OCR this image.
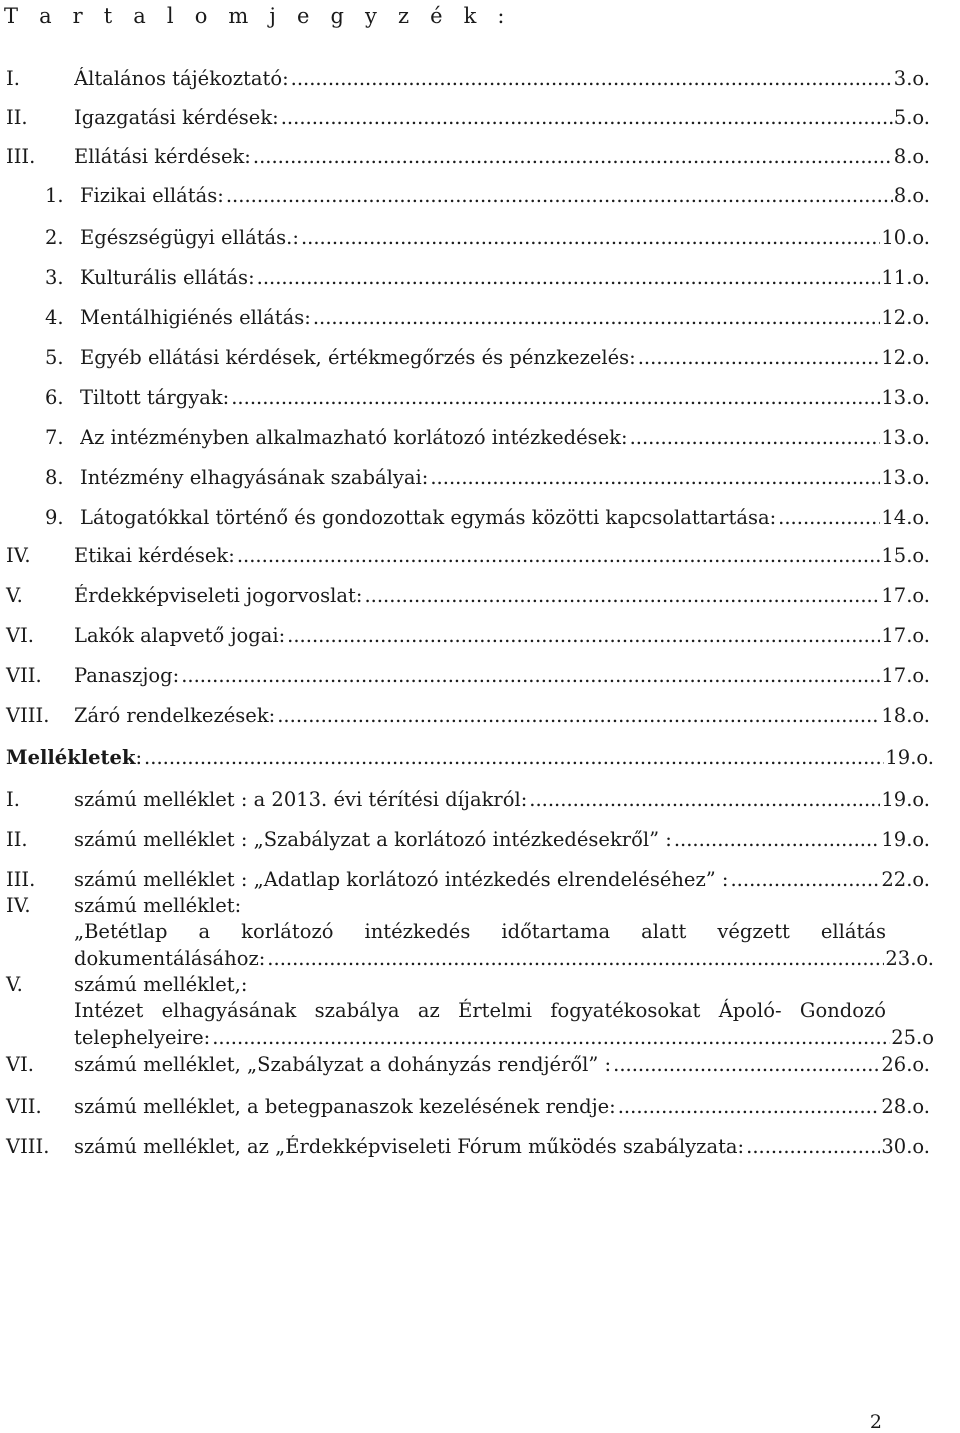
T a r t a l o m j e g y z é k :
I.	Általános tájékoztató: .....	3.o.
II. Igazgatási kérdések: .....	5.o.
III. Ellátási kérdések: .....	8.o.
1. Fizikai ellátás: .....	8.o.
2. Egészségügyi ellátás.: .....	10.o.
3. Kulturális ellátás: .....	11.o.
4. Mentálhigiénés ellátás: .....	12.o.
5. Egyéb ellátási kérdések, értékmegőrzés és pénzkezelés: .....	12.o.
6. Tiltott tárgyak: .....	13.o.
7. Az intézményben alkalmazható korlátozó intézkedések: .....	13.o.
8. Intézmény elhagyásának szabályai: .....	13.o.
9. Látogatókkal történő és gondozottak egymás közötti kapcsolattartása: .....	14.o.
IV. Etikai kérdések: .....	15.o.
V.	Érdekképviseleti jogorvoslat: .....	17.o.
VI. Lakók alapvető jogai: .....	17.o.
VII. Panaszjog: .....	17.o.
VIII. Záró rendelkezések: .....	18.o.
Mellékletek : .....	19.o.
I.	számú melléklet : a 2013. évi térítési díjakról: .....	19.o.
II. számú melléklet : „Szabályzat a korlátozó intézkedésekről” : .....	19.o.
III. számú melléklet : „Adatlap korlátozó intézkedés elrendeléséhez” : .....	22.o.
IV. számú melléklet:
„Betétlap a korlátozó intézkedés időtartama alatt végzett ellátás
dokumentálásához: .....	23.o.
V.	számú melléklet,:
Intézet elhagyásának szabálya az Értelmi fogyatékosokat Ápoló- Gondozó
telephelyeire: .....	25.o
VI. számú melléklet, „Szabályzat a dohányzás rendjéről” : .....	26.o.
VII. számú melléklet, a betegpanaszok kezelésének rendje: .....	28.o.
VIII. számú melléklet, az „Érdekképviseleti Fórum működés szabályzata: .....	30.o.
2
